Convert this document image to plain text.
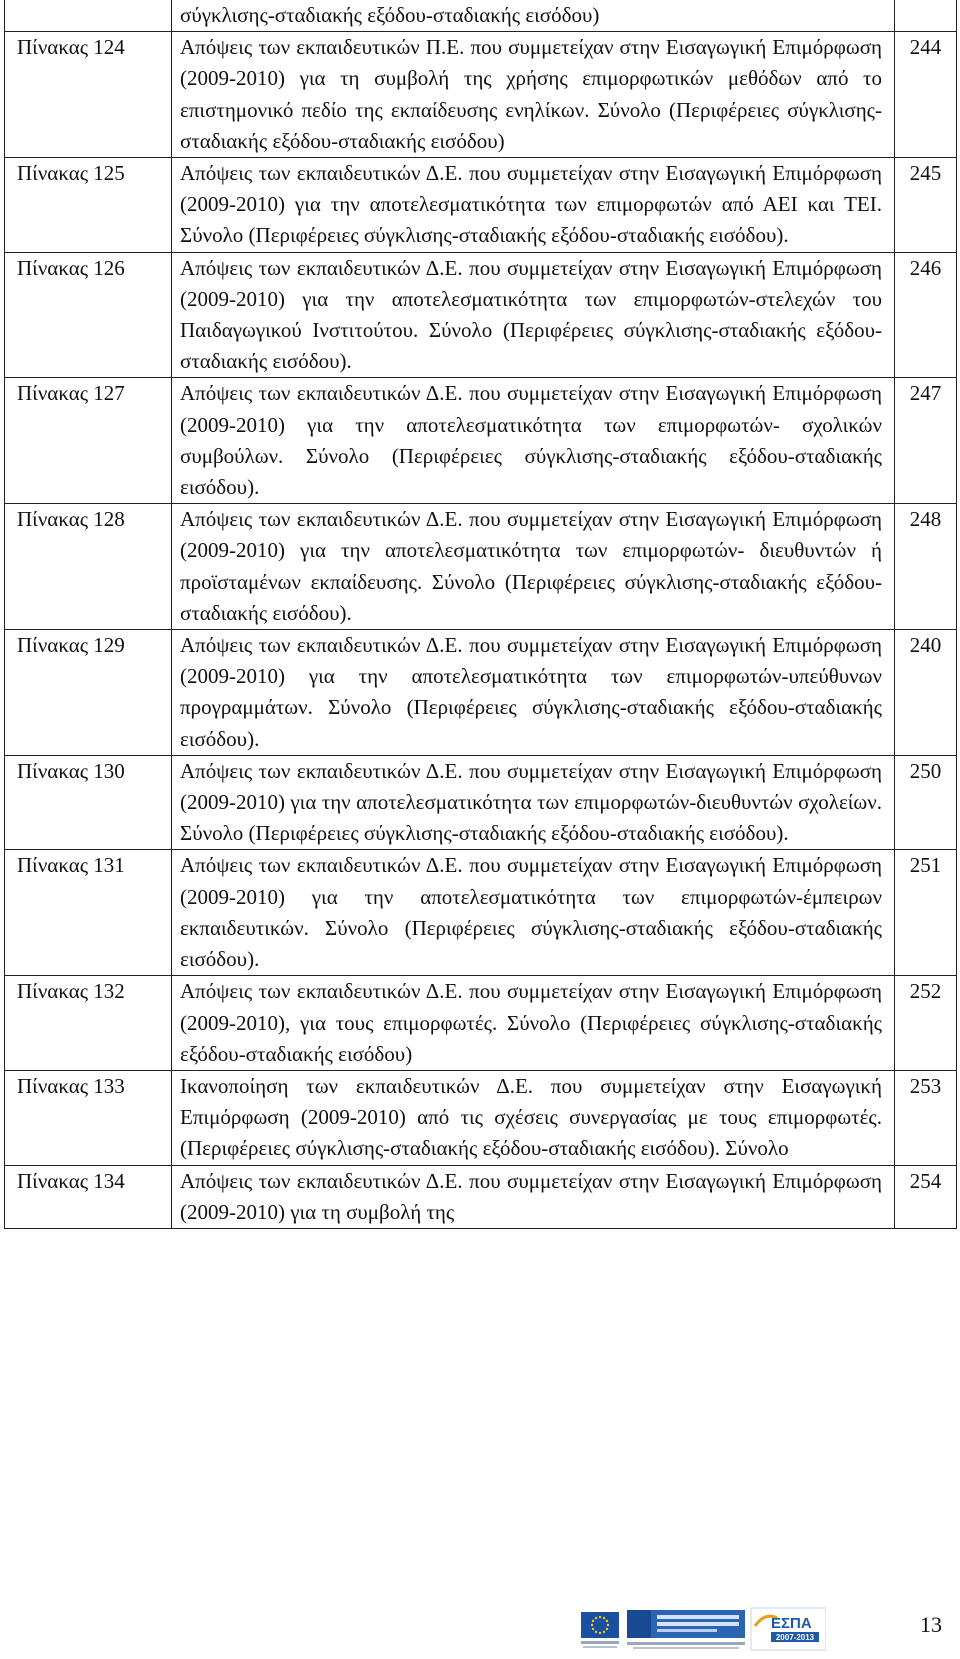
	σύγκλισης-σταδιακής εξόδου-σταδιακής εισόδου)	
Πίνακας 124	Απόψεις των εκπαιδευτικών Π.Ε. που συμμετείχαν στην Εισαγωγική Επιμόρφωση (2009-2010) για τη συμβολή της χρήσης επιμορφωτικών μεθόδων από το επιστημονικό πεδίο της εκπαίδευσης ενηλίκων. Σύνολο (Περιφέρειες σύγκλισης-σταδιακής εξόδου-σταδιακής εισόδου)	244
Πίνακας 125	Απόψεις των εκπαιδευτικών Δ.Ε. που συμμετείχαν στην Εισαγωγική Επιμόρφωση (2009-2010) για την αποτελεσματικότητα των επιμορφωτών από ΑΕΙ και ΤΕΙ. Σύνολο (Περιφέρειες σύγκλισης-σταδιακής εξόδου-σταδιακής εισόδου).	245
Πίνακας 126	Απόψεις των εκπαιδευτικών Δ.Ε. που συμμετείχαν στην Εισαγωγική Επιμόρφωση (2009-2010) για την αποτελεσματικότητα των επιμορφωτών-στελεχών του Παιδαγωγικού Ινστιτούτου. Σύνολο (Περιφέρειες σύγκλισης-σταδιακής εξόδου-σταδιακής εισόδου).	246
Πίνακας 127	Απόψεις των εκπαιδευτικών Δ.Ε. που συμμετείχαν στην Εισαγωγική Επιμόρφωση (2009-2010) για την αποτελεσματικότητα των επιμορφωτών- σχολικών συμβούλων. Σύνολο (Περιφέρειες σύγκλισης-σταδιακής εξόδου-σταδιακής εισόδου).	247
Πίνακας 128	Απόψεις των εκπαιδευτικών Δ.Ε. που συμμετείχαν στην Εισαγωγική Επιμόρφωση (2009-2010) για την αποτελεσματικότητα των επιμορφωτών- διευθυντών ή προϊσταμένων εκπαίδευσης. Σύνολο (Περιφέρειες σύγκλισης-σταδιακής εξόδου-σταδιακής εισόδου).	248
Πίνακας 129	Απόψεις των εκπαιδευτικών Δ.Ε. που συμμετείχαν στην Εισαγωγική Επιμόρφωση (2009-2010) για την αποτελεσματικότητα των επιμορφωτών-υπεύθυνων προγραμμάτων. Σύνολο (Περιφέρειες σύγκλισης-σταδιακής εξόδου-σταδιακής εισόδου).	240
Πίνακας 130	Απόψεις των εκπαιδευτικών Δ.Ε. που συμμετείχαν στην Εισαγωγική Επιμόρφωση (2009-2010) για την αποτελεσματικότητα των επιμορφωτών-διευθυντών σχολείων. Σύνολο (Περιφέρειες σύγκλισης-σταδιακής εξόδου-σταδιακής εισόδου).	250
Πίνακας 131	Απόψεις των εκπαιδευτικών Δ.Ε. που συμμετείχαν στην Εισαγωγική Επιμόρφωση (2009-2010) για την αποτελεσματικότητα των επιμορφωτών-έμπειρων εκπαιδευτικών. Σύνολο (Περιφέρειες σύγκλισης-σταδιακής εξόδου-σταδιακής εισόδου).	251
Πίνακας 132	Απόψεις των εκπαιδευτικών Δ.Ε. που συμμετείχαν στην Εισαγωγική Επιμόρφωση (2009-2010), για τους επιμορφωτές. Σύνολο (Περιφέρειες σύγκλισης-σταδιακής εξόδου-σταδιακής εισόδου)	252
Πίνακας 133	Ικανοποίηση των εκπαιδευτικών Δ.Ε. που συμμετείχαν στην Εισαγωγική Επιμόρφωση (2009-2010) από τις σχέσεις συνεργασίας με τους επιμορφωτές. (Περιφέρειες σύγκλισης-σταδιακής εξόδου-σταδιακής εισόδου). Σύνολο	253
Πίνακας 134	Απόψεις των εκπαιδευτικών Δ.Ε. που συμμετείχαν στην Εισαγωγική Επιμόρφωση (2009-2010) για τη συμβολή της	254
ΕΣΠΑ
2007-2013
13
